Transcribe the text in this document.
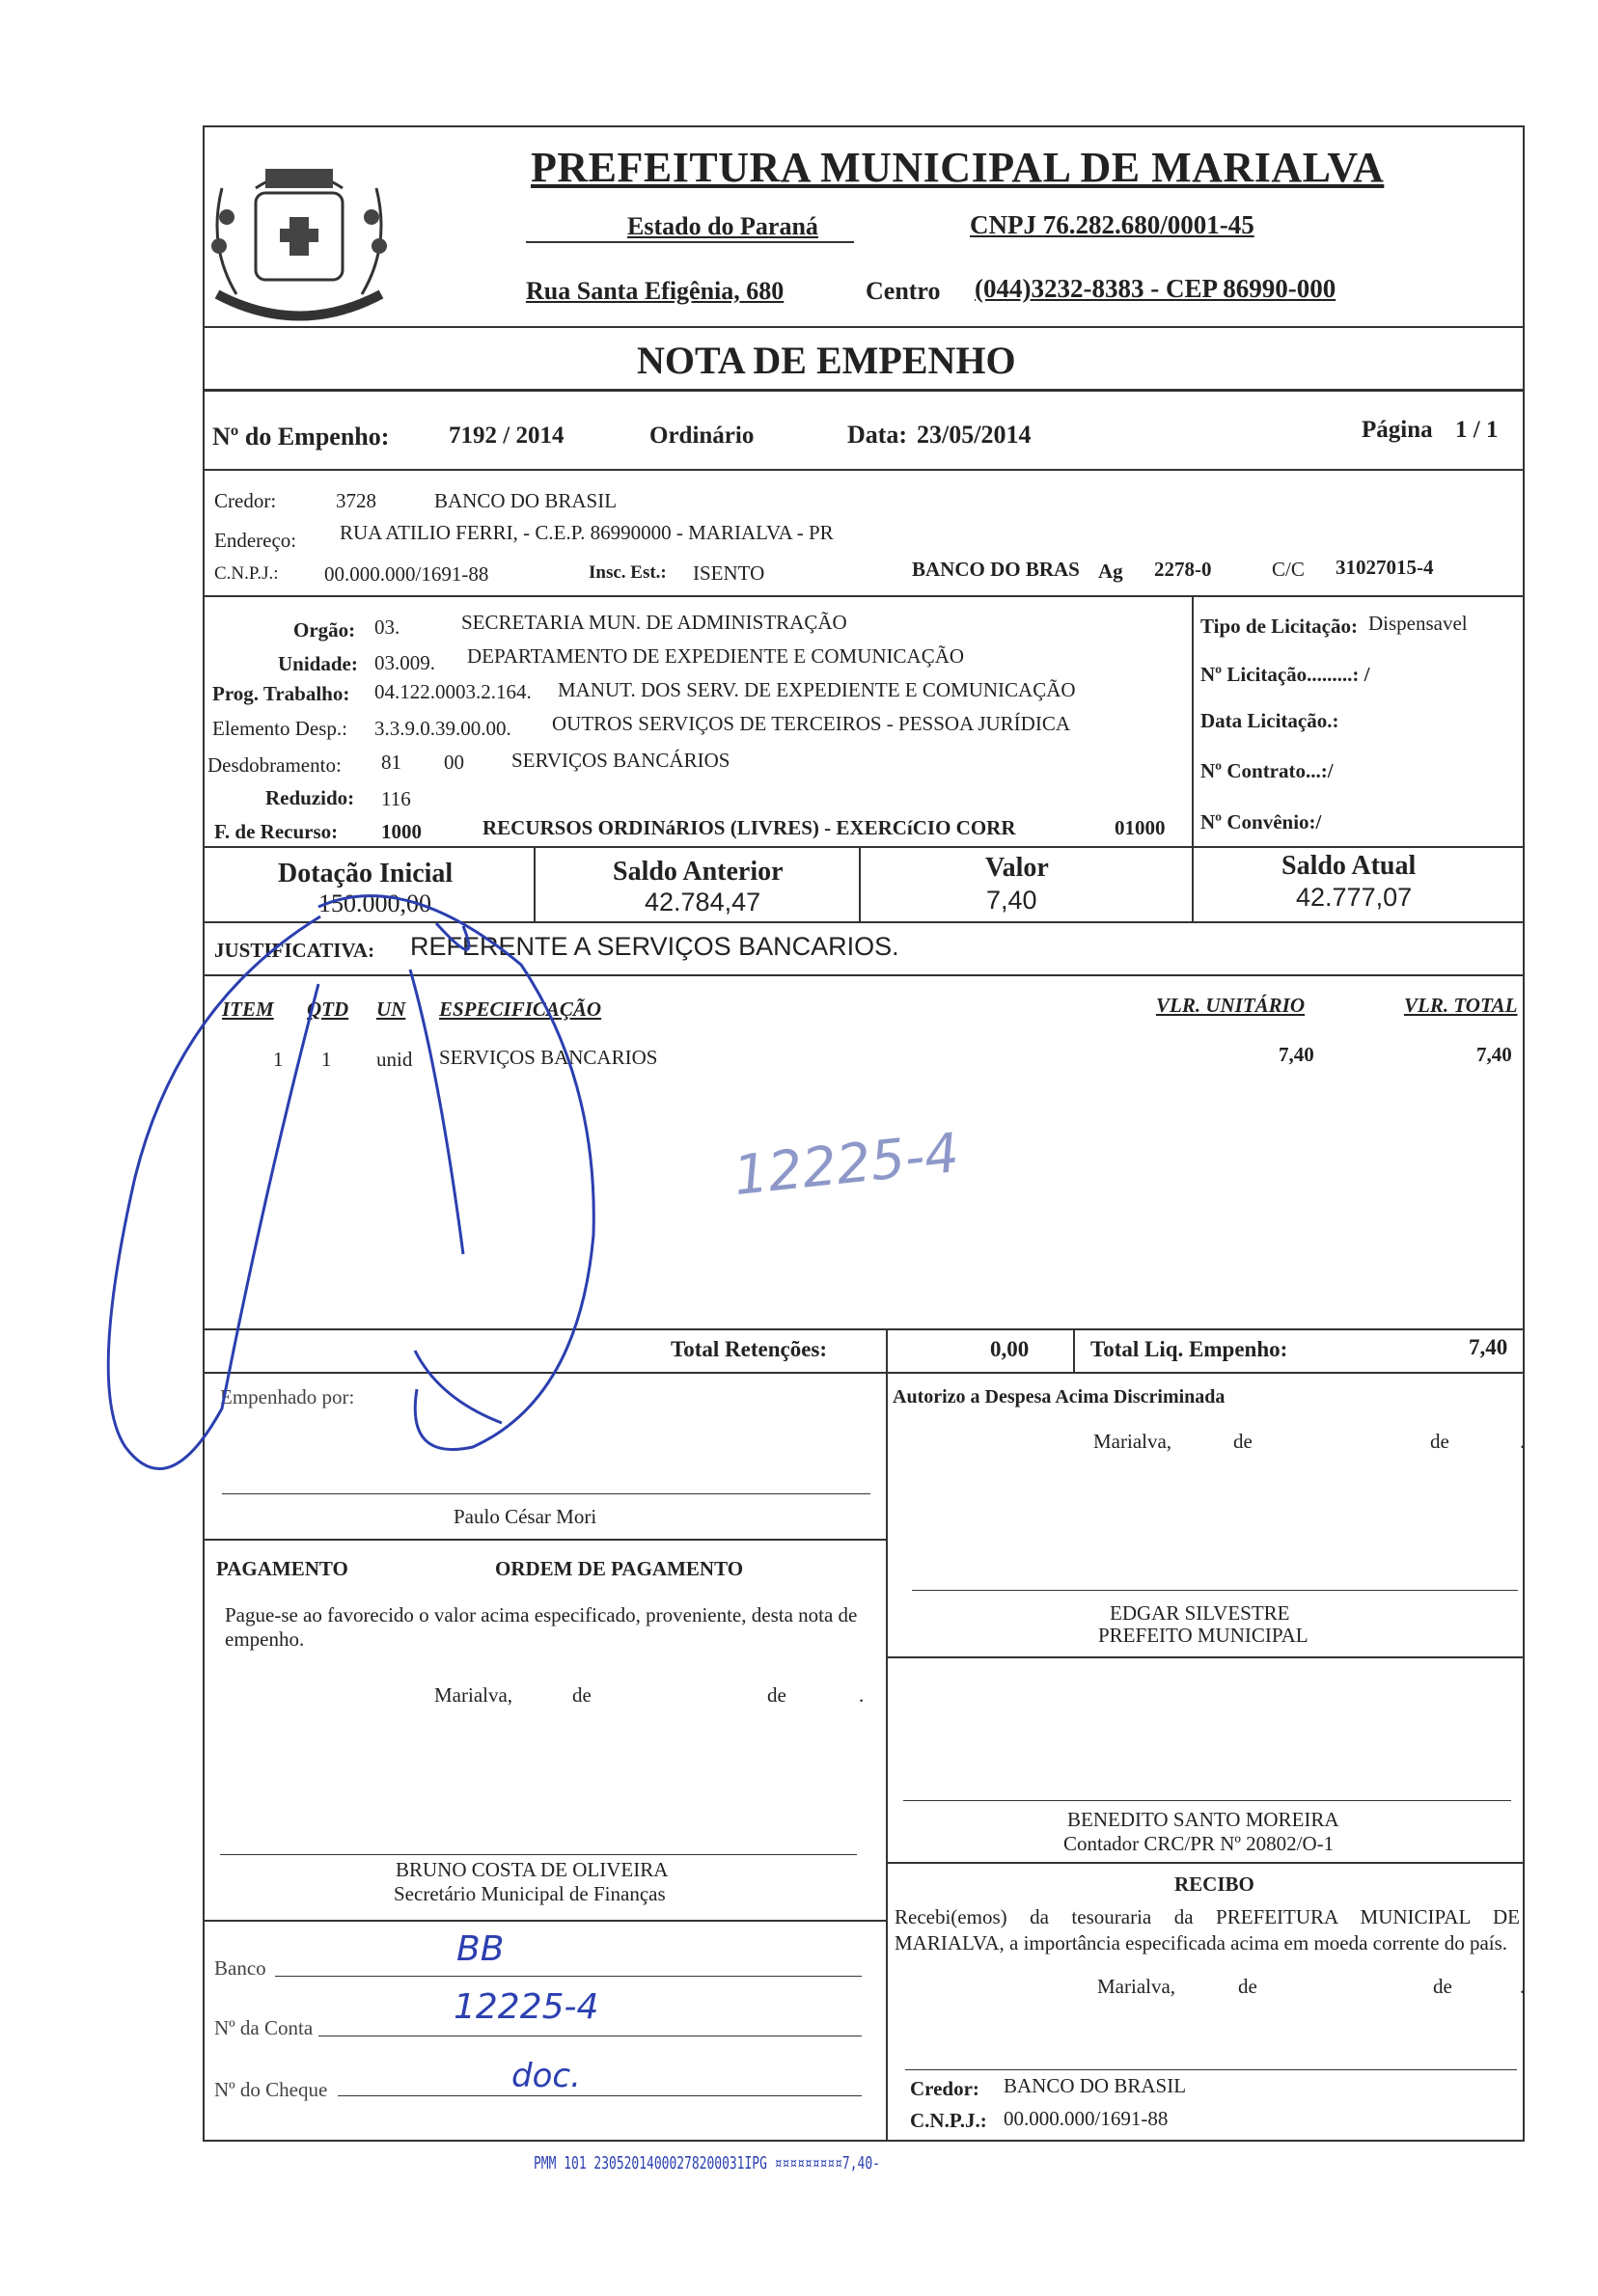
PREFEITURA MUNICIPAL DE MARIALVA
Estado do Paraná	CNPJ 76.282.680/0001-45
Rua Santa Efigênia, 680	Centro (044)3232-8383 - CEP 86990-000
NOTA DE EMPENHO
Nº do Empenho: 7192 / 2014	Ordinário	Data: 23/05/2014	Página 1 / 1
Credor:	3728	BANCO DO BRASIL
Endereço: RUA ATILIO FERRI, - C.E.P. 86990000 - MARIALVA - PR
C.N.P.J.: 00.000.000/1691-88	Insc. Est.: ISENTO	BANCO DO BRAS Ag 2278-0	C/C 31027015-4
Orgão: 03.	SECRETARIA MUN. DE ADMINISTRAÇÃO
Unidade: 03.009. DEPARTAMENTO DE EXPEDIENTE E COMUNICAÇÃO
Prog. Trabalho: 04.122.0003.2.164. MANUT. DOS SERV. DE EXPEDIENTE E COMUNICAÇÃO
Elemento Desp.: 3.3.9.0.39.00.00. OUTROS SERVIÇOS DE TERCEIROS - PESSOA JURÍDICA
Desdobramento: 81 00 SERVIÇOS BANCÁRIOS
Reduzido: 116
F. de Recurso: 1000	RECURSOS ORDINáRIOS (LIVRES) - EXERCíCIO CORR	01000
Tipo de Licitação: Dispensavel
Nº Licitação.........: /
Data Licitação.:
Nº Contrato...:/
Nº Convênio:/
Dotação Inicial
150.000,00
Saldo Anterior
42.784,47
Valor
7,40
Saldo Atual
42.777,07
JUSTIFICATIVA: REFERENTE A SERVIÇOS BANCARIOS.
ITEM QTD UN ESPECIFICAÇÃO	VLR. UNITÁRIO	VLR. TOTAL
1 1 unid SERVIÇOS BANCARIOS	7,40	7,40
12225-4
Total Retenções:	0,00	Total Liq. Empenho:	7,40
Empenhado por:
Paulo César Mori
PAGAMENTO	ORDEM DE PAGAMENTO
Pague-se ao favorecido o valor acima especificado, proveniente, desta nota de empenho.
Marialva,	de	de	.
BRUNO COSTA DE OLIVEIRA
Secretário Municipal de Finanças
Banco	BB
Nº da Conta
12225-4
Nº do Cheque	doc.
Autorizo a Despesa Acima Discriminada
Marialva,	de	de	.
EDGAR SILVESTRE
PREFEITO MUNICIPAL
BENEDITO SANTO MOREIRA
Contador CRC/PR Nº 20802/O-1
RECIBO
Recebi(emos) da tesouraria da PREFEITURA MUNICIPAL DE MARIALVA, a importância especificada acima em moeda corrente do país.
Marialva,	de	de	.
Credor: BANCO DO BRASIL
C.N.P.J.: 00.000.000/1691-88
PMM 101 23052014000278200031IPG ¤¤¤¤¤¤¤¤¤7,40-
